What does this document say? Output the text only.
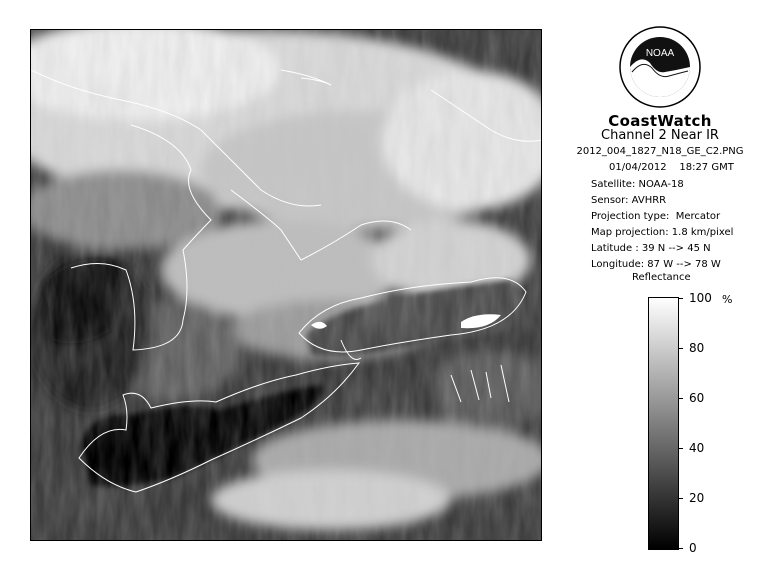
NOAA
CoastWatch
Channel 2 Near IR
2012_004_1827_N18_GE_C2.PNG
01/04/2012    18:27 GMT
Satellite: NOAA-18
Sensor: AVHRR
Projection type:  Mercator
Map projection: 1.8 km/pixel
Latitude : 39 N --> 45 N
Longitude: 87 W --> 78 W
Reflectance
%
0
20
40
60
80
100
